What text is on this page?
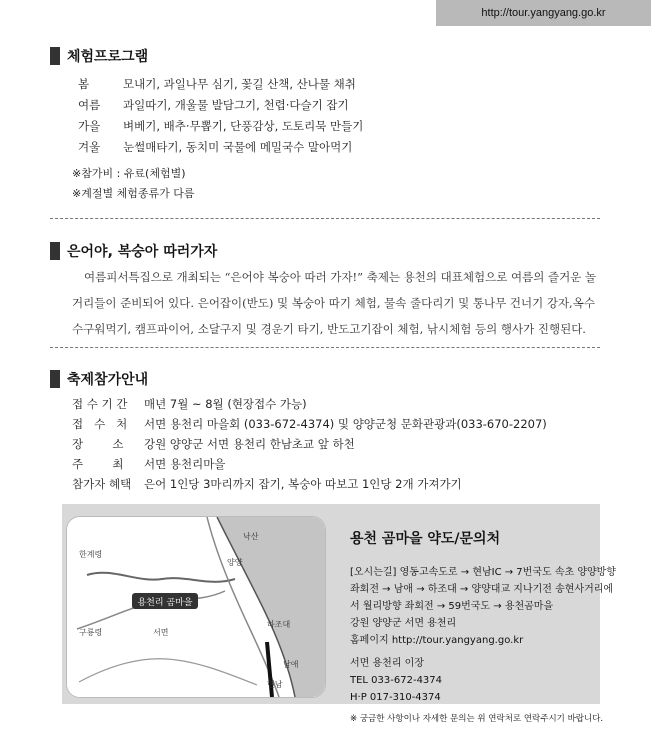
http://tour.yangyang.go.kr
체험프로그램
봄	모내기, 과일나무 심기, 꽃길 산책, 산나물 채취
여름	과일따기, 개울물 발담그기, 천렵·다슬기 잡기
가을	벼베기, 배추·무뽑기, 단풍감상, 도토리묵 만들기
겨울	눈썰매타기, 동치미 국물에 메밀국수 말아먹기
※참가비 : 유료(체험별)
※계절별 체험종류가 다름
은어야, 복숭아 따러가자
여름피서특집으로 개최되는 “은어야 복숭아 따러 가자!” 축제는 용천의 대표체험으로 여름의 즐거운 놀거리들이 준비되어 있다. 은어잡이(반도) 및 복숭아 따기 체험, 물속 줄다리기 및 통나무 건너기 강자,옥수수구워먹기, 캠프파이어, 소달구지 및 경운기 타기, 반도고기잡이 체험, 낚시체험 등의 행사가 진행된다.
축제참가안내
접 수 기 간	매년 7월 ~ 8월 (현장접수 가능)
접   수   처	서면 용천리 마을회 (033-672-4374) 및 양양군청 문화관광과(033-670-2207)
장        소	강원 양양군 서면 용천리 한남초교 앞 하천
주        최	서면 용천리마을
참가자 혜택	은어 1인당 3마리까지 잡기, 복숭아 따보고 1인당 2개 가져가기
용천리 곰마을
한계령
구룡령
양양
서면
현남
낙산
남애
하조대
용천 곰마을 약도/문의처
[오시는길] 영동고속도로 → 현남IC → 7번국도 속초 양양방향
좌회전 → 남애 → 하조대 → 양양대교 지나기전 송현사거리에
서 월리방향 좌회전 → 59번국도 → 용천곰마을
강원 양양군 서면 용천리
홈페이지 http://tour.yangyang.go.kr
서면 용천리 이장
TEL 033-672-4374
H·P 017-310-4374
※ 궁금한 사항이나 자세한 문의는 위 연락처로 연락주시기 바랍니다.
